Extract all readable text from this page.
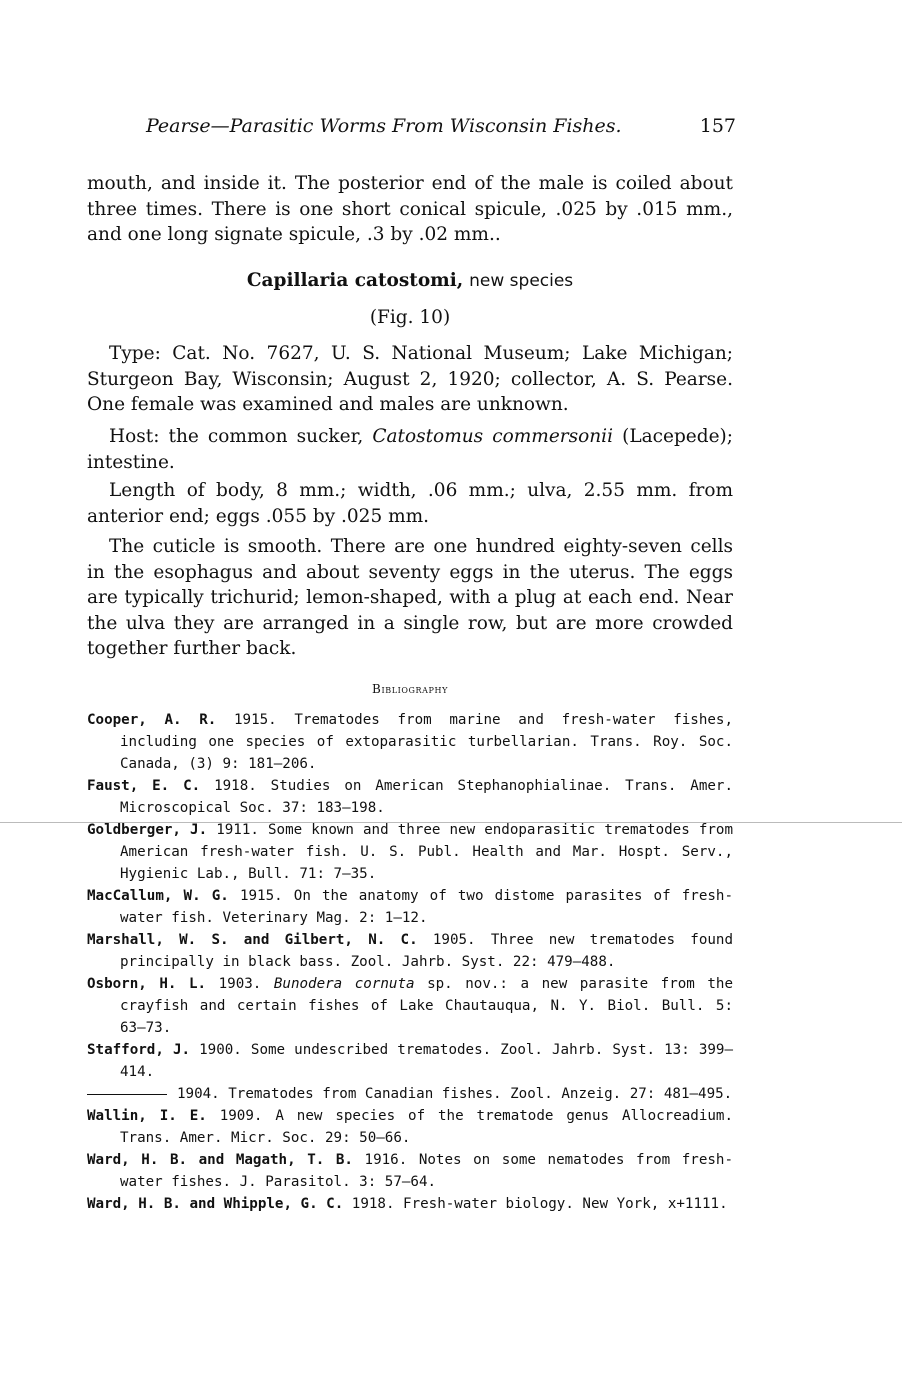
Pearse—Parasitic Worms From Wisconsin Fishes.	157

mouth, and inside it. The posterior end of the male is coiled about three times. There is one short conical spicule, .025 by .015 mm., and one long signate spicule, .3 by .02 mm..

Capillaria catostomi, new species

(Fig. 10)

Type: Cat. No. 7627, U. S. National Museum; Lake Michigan; Sturgeon Bay, Wisconsin; August 2, 1920; collector, A. S. Pearse. One female was examined and males are unknown.

Host: the common sucker, Catostomus commersonii (Lacepede); intestine.

Length of body, 8 mm.; width, .06 mm.; ulva, 2.55 mm. from anterior end; eggs .055 by .025 mm.

The cuticle is smooth. There are one hundred eighty-seven cells in the esophagus and about seventy eggs in the uterus. The eggs are typically trichurid; lemon-shaped, with a plug at each end. Near the ulva they are arranged in a single row, but are more crowded together further back.

Bibliography

Cooper, A. R. 1915. Trematodes from marine and fresh-water fishes, including one species of extoparasitic turbellarian. Trans. Roy. Soc. Canada, (3) 9: 181–206.

Faust, E. C. 1918. Studies on American Stephanophialinae. Trans. Amer. Microscopical Soc. 37: 183–198.

Goldberger, J. 1911. Some known and three new endoparasitic trematodes from American fresh-water fish. U. S. Publ. Health and Mar. Hospt. Serv., Hygienic Lab., Bull. 71: 7–35.

MacCallum, W. G. 1915. On the anatomy of two distome parasites of fresh-water fish. Veterinary Mag. 2: 1–12.

Marshall, W. S. and Gilbert, N. C. 1905. Three new trematodes found principally in black bass. Zool. Jahrb. Syst. 22: 479–488.

Osborn, H. L. 1903. Bunodera cornuta sp. nov.: a new parasite from the crayfish and certain fishes of Lake Chautauqua, N. Y. Biol. Bull. 5: 63–73.

Stafford, J. 1900. Some undescribed trematodes. Zool. Jahrb. Syst. 13: 399–414.

1904. Trematodes from Canadian fishes. Zool. Anzeig. 27: 481–495.

Wallin, I. E. 1909. A new species of the trematode genus Allocreadium. Trans. Amer. Micr. Soc. 29: 50–66.

Ward, H. B. and Magath, T. B. 1916. Notes on some nematodes from fresh-water fishes. J. Parasitol. 3: 57–64.

Ward, H. B. and Whipple, G. C. 1918. Fresh-water biology. New York, x+1111.
